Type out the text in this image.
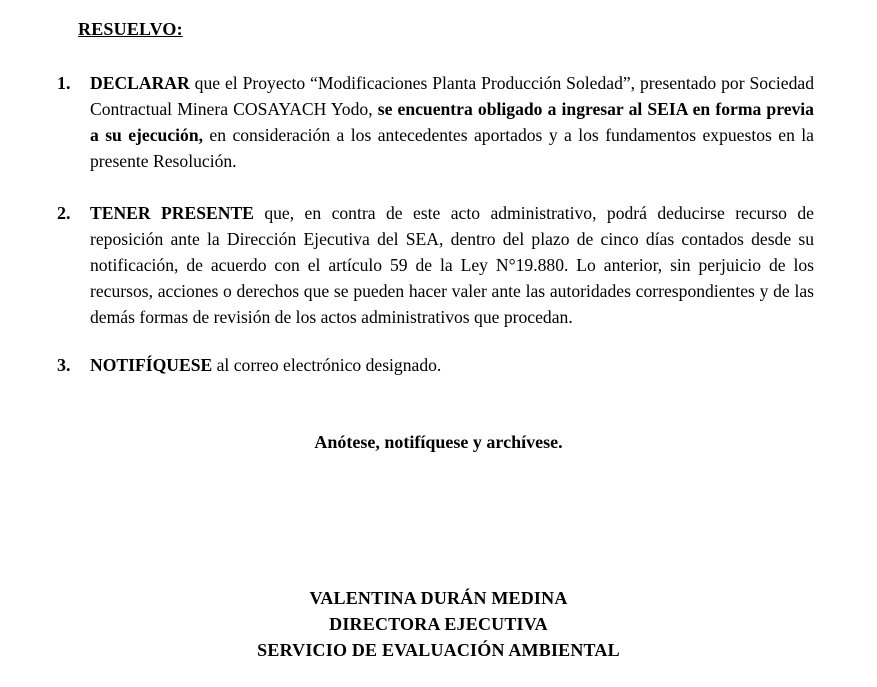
RESUELVO:
1. DECLARAR que el Proyecto “Modificaciones Planta Producción Soledad”, presentado por Sociedad Contractual Minera COSAYACH Yodo, se encuentra obligado a ingresar al SEIA en forma previa a su ejecución, en consideración a los antecedentes aportados y a los fundamentos expuestos en la presente Resolución.
2. TENER PRESENTE que, en contra de este acto administrativo, podrá deducirse recurso de reposición ante la Dirección Ejecutiva del SEA, dentro del plazo de cinco días contados desde su notificación, de acuerdo con el artículo 59 de la Ley N°19.880. Lo anterior, sin perjuicio de los recursos, acciones o derechos que se pueden hacer valer ante las autoridades correspondientes y de las demás formas de revisión de los actos administrativos que procedan.
3. NOTIFÍQUESE al correo electrónico designado.
Anótese, notifíquese y archívese.
VALENTINA DURÁN MEDINA
DIRECTORA EJECUTIVA
SERVICIO DE EVALUACIÓN AMBIENTAL
